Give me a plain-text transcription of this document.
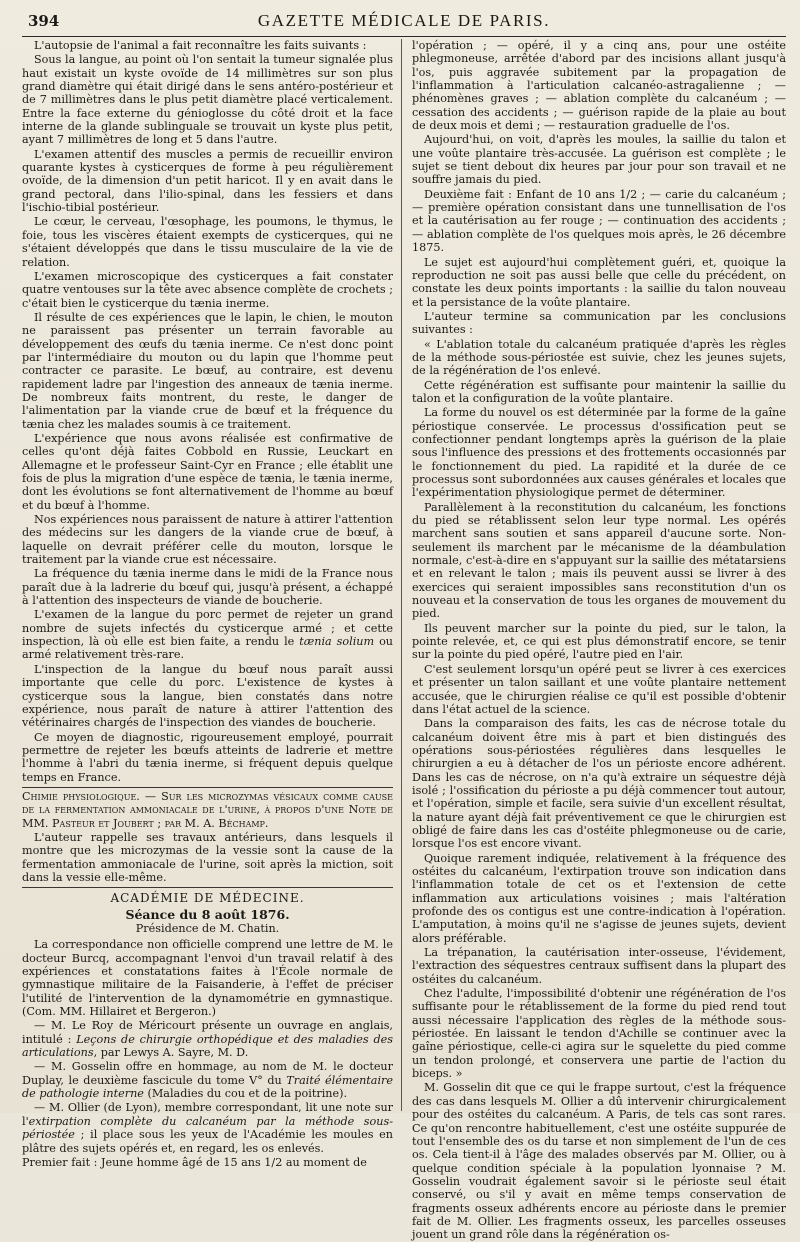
394	GAZETTE MÉDICALE DE PARIS.

L'autopsie de l'animal a fait reconnaître les faits suivants :

Sous la langue, au point où l'on sentait la tumeur signalée plus haut existait un kyste ovoïde de 14 millimètres sur son plus grand diamètre qui était dirigé dans le sens antéro-postérieur et de 7 millimètres dans le plus petit diamètre placé verticalement. Entre la face externe du génioglosse du côté droit et la face interne de la glande sublinguale se trouvait un kyste plus petit, ayant 7 millimètres de long et 5 dans l'autre.

L'examen attentif des muscles a permis de recueillir environ quarante kystes à cysticerques de forme à peu régulièrement ovoïde, de la dimension d'un petit haricot. Il y en avait dans le grand pectoral, dans l'ilio-spinal, dans les fessiers et dans l'ischio-tibial postérieur.

Le cœur, le cerveau, l'œsophage, les poumons, le thymus, le foie, tous les viscères étaient exempts de cysticerques, qui ne s'étaient développés que dans le tissu musculaire de la vie de relation.

L'examen microscopique des cysticerques a fait constater quatre ventouses sur la tête avec absence complète de crochets ; c'était bien le cysticerque du tænia inerme.

Il résulte de ces expériences que le lapin, le chien, le mouton ne paraissent pas présenter un terrain favorable au développement des œufs du tænia inerme. Ce n'est donc point par l'intermédiaire du mouton ou du lapin que l'homme peut contracter ce parasite. Le bœuf, au contraire, est devenu rapidement ladre par l'ingestion des anneaux de tænia inerme. De nombreux faits montrent, du reste, le danger de l'alimentation par la viande crue de bœuf et la fréquence du tænia chez les malades soumis à ce traitement.

L'expérience que nous avons réalisée est confirmative de celles qu'ont déjà faites Cobbold en Russie, Leuckart en Allemagne et le professeur Saint-Cyr en France ; elle établit une fois de plus la migration d'une espèce de tænia, le tænia inerme, dont les évolutions se font alternativement de l'homme au bœuf et du bœuf à l'homme.

Nos expériences nous paraissent de nature à attirer l'attention des médecins sur les dangers de la viande crue de bœuf, à laquelle on devrait préférer celle du mouton, lorsque le traitement par la viande crue est nécessaire.

La fréquence du tænia inerme dans le midi de la France nous paraît due à la ladrerie du bœuf qui, jusqu'à présent, a échappé à l'attention des inspecteurs de viande de boucherie.

L'examen de la langue du porc permet de rejeter un grand nombre de sujets infectés du cysticerque armé ; et cette inspection, là où elle est bien faite, a rendu le tænia solium ou armé relativement très-rare.

L'inspection de la langue du bœuf nous paraît aussi importante que celle du porc. L'existence de kystes à cysticerque sous la langue, bien constatés dans notre expérience, nous paraît de nature à attirer l'attention des vétérinaires chargés de l'inspection des viandes de boucherie.

Ce moyen de diagnostic, rigoureusement employé, pourrait permettre de rejeter les bœufs atteints de ladrerie et mettre l'homme à l'abri du tænia inerme, si fréquent depuis quelque temps en France.

Chimie physiologique. — Sur les microzymas vésicaux comme cause de la fermentation ammoniacale de l'urine, à propos d'une Note de MM. Pasteur et Joubert ; par M. A. Béchamp.

L'auteur rappelle ses travaux antérieurs, dans lesquels il montre que les microzymas de la vessie sont la cause de la fermentation ammoniacale de l'urine, soit après la miction, soit dans la vessie elle-même.

ACADÉMIE DE MÉDECINE.
Séance du 8 août 1876.
Présidence de M. Chatin.

La correspondance non officielle comprend une lettre de M. le docteur Burcq, accompagnant l'envoi d'un travail relatif à des expériences et constatations faites à l'École normale de gymnastique militaire de la Faisanderie, à l'effet de préciser l'utilité de l'intervention de la dynamométrie en gymnastique. (Com. MM. Hillairet et Bergeron.)

— M. Le Roy de Méricourt présente un ouvrage en anglais, intitulé : Leçons de chirurgie orthopédique et des maladies des articulations, par Lewys A. Sayre, M. D.

— M. Gosselin offre en hommage, au nom de M. le docteur Duplay, le deuxième fascicule du tome V° du Traité élémentaire de pathologie interne (Maladies du cou et de la poitrine).

— M. Ollier (de Lyon), membre correspondant, lit une note sur l'extirpation complète du calcanéum par la méthode sous-périostée ; il place sous les yeux de l'Académie les moules en plâtre des sujets opérés et, en regard, les os enlevés.

Premier fait : Jeune homme âgé de 15 ans 1/2 au moment de

l'opération ; — opéré, il y a cinq ans, pour une ostéite phlegmoneuse, arrêtée d'abord par des incisions allant jusqu'à l'os, puis aggravée subitement par la propagation de l'inflammation à l'articulation calcanéo-astragalienne ; — phénomènes graves ; — ablation complète du calcanéum ; — cessation des accidents ; — guérison rapide de la plaie au bout de deux mois et demi ; — restauration graduelle de l'os.

Aujourd'hui, on voit, d'après les moules, la saillie du talon et une voûte plantaire très-accusée. La guérison est complète ; le sujet se tient debout dix heures par jour pour son travail et ne souffre jamais du pied.

Deuxième fait : Enfant de 10 ans 1/2 ; — carie du calcanéum ; — première opération consistant dans une tunnellisation de l'os et la cautérisation au fer rouge ; — continuation des accidents ; — ablation complète de l'os quelques mois après, le 26 décembre 1875.

Le sujet est aujourd'hui complètement guéri, et, quoique la reproduction ne soit pas aussi belle que celle du précédent, on constate les deux points importants : la saillie du talon nouveau et la persistance de la voûte plantaire.

L'auteur termine sa communication par les conclusions suivantes :

« L'ablation totale du calcanéum pratiquée d'après les règles de la méthode sous-périostée est suivie, chez les jeunes sujets, de la régénération de l'os enlevé.

Cette régénération est suffisante pour maintenir la saillie du talon et la configuration de la voûte plantaire.

La forme du nouvel os est déterminée par la forme de la gaîne périostique conservée. Le processus d'ossification peut se confectionner pendant longtemps après la guérison de la plaie sous l'influence des pressions et des frottements occasionnés par le fonctionnement du pied. La rapidité et la durée de ce processus sont subordonnées aux causes générales et locales que l'expérimentation physiologique permet de déterminer.

Parallèlement à la reconstitution du calcanéum, les fonctions du pied se rétablissent selon leur type normal. Les opérés marchent sans soutien et sans appareil d'aucune sorte. Non-seulement ils marchent par le mécanisme de la déambulation normale, c'est-à-dire en s'appuyant sur la saillie des métatarsiens et en relevant le talon ; mais ils peuvent aussi se livrer à des exercices qui seraient impossibles sans reconstitution d'un os nouveau et la conservation de tous les organes de mouvement du pied.

Ils peuvent marcher sur la pointe du pied, sur le talon, la pointe relevée, et, ce qui est plus démonstratif encore, se tenir sur la pointe du pied opéré, l'autre pied en l'air.

C'est seulement lorsqu'un opéré peut se livrer à ces exercices et présenter un talon saillant et une voûte plantaire nettement accusée, que le chirurgien réalise ce qu'il est possible d'obtenir dans l'état actuel de la science.

Dans la comparaison des faits, les cas de nécrose totale du calcanéum doivent être mis à part et bien distingués des opérations sous-périostées régulières dans lesquelles le chirurgien a eu à détacher de l'os un périoste encore adhérent. Dans les cas de nécrose, on n'a qu'à extraire un séquestre déjà isolé ; l'ossification du périoste a pu déjà commencer tout autour, et l'opération, simple et facile, sera suivie d'un excellent résultat, la nature ayant déjà fait préventivement ce que le chirurgien est obligé de faire dans les cas d'ostéite phlegmoneuse ou de carie, lorsque l'os est encore vivant.

Quoique rarement indiquée, relativement à la fréquence des ostéites du calcanéum, l'extirpation trouve son indication dans l'inflammation totale de cet os et l'extension de cette inflammation aux articulations voisines ; mais l'altération profonde des os contigus est une contre-indication à l'opération. L'amputation, à moins qu'il ne s'agisse de jeunes sujets, devient alors préférable.

La trépanation, la cautérisation inter-osseuse, l'évidement, l'extraction des séquestres centraux suffisent dans la plupart des ostéites du calcanéum.

Chez l'adulte, l'impossibilité d'obtenir une régénération de l'os suffisante pour le rétablissement de la forme du pied rend tout aussi nécessaire l'application des règles de la méthode sous-périostée. En laissant le tendon d'Achille se continuer avec la gaîne périostique, celle-ci agira sur le squelette du pied comme un tendon prolongé, et conservera une partie de l'action du biceps. »

M. Gosselin dit que ce qui le frappe surtout, c'est la fréquence des cas dans lesquels M. Ollier a dû intervenir chirurgicalement pour des ostéites du calcanéum. A Paris, de tels cas sont rares. Ce qu'on rencontre habituellement, c'est une ostéite suppurée de tout l'ensemble des os du tarse et non simplement de l'un de ces os. Cela tient-il à l'âge des malades observés par M. Ollier, ou à quelque condition spéciale à la population lyonnaise ? M. Gosselin voudrait également savoir si le périoste seul était conservé, ou s'il y avait en même temps conservation de fragments osseux adhérents encore au périoste dans le premier fait de M. Ollier. Les fragments osseux, les parcelles osseuses jouent un grand rôle dans la régénération os-
